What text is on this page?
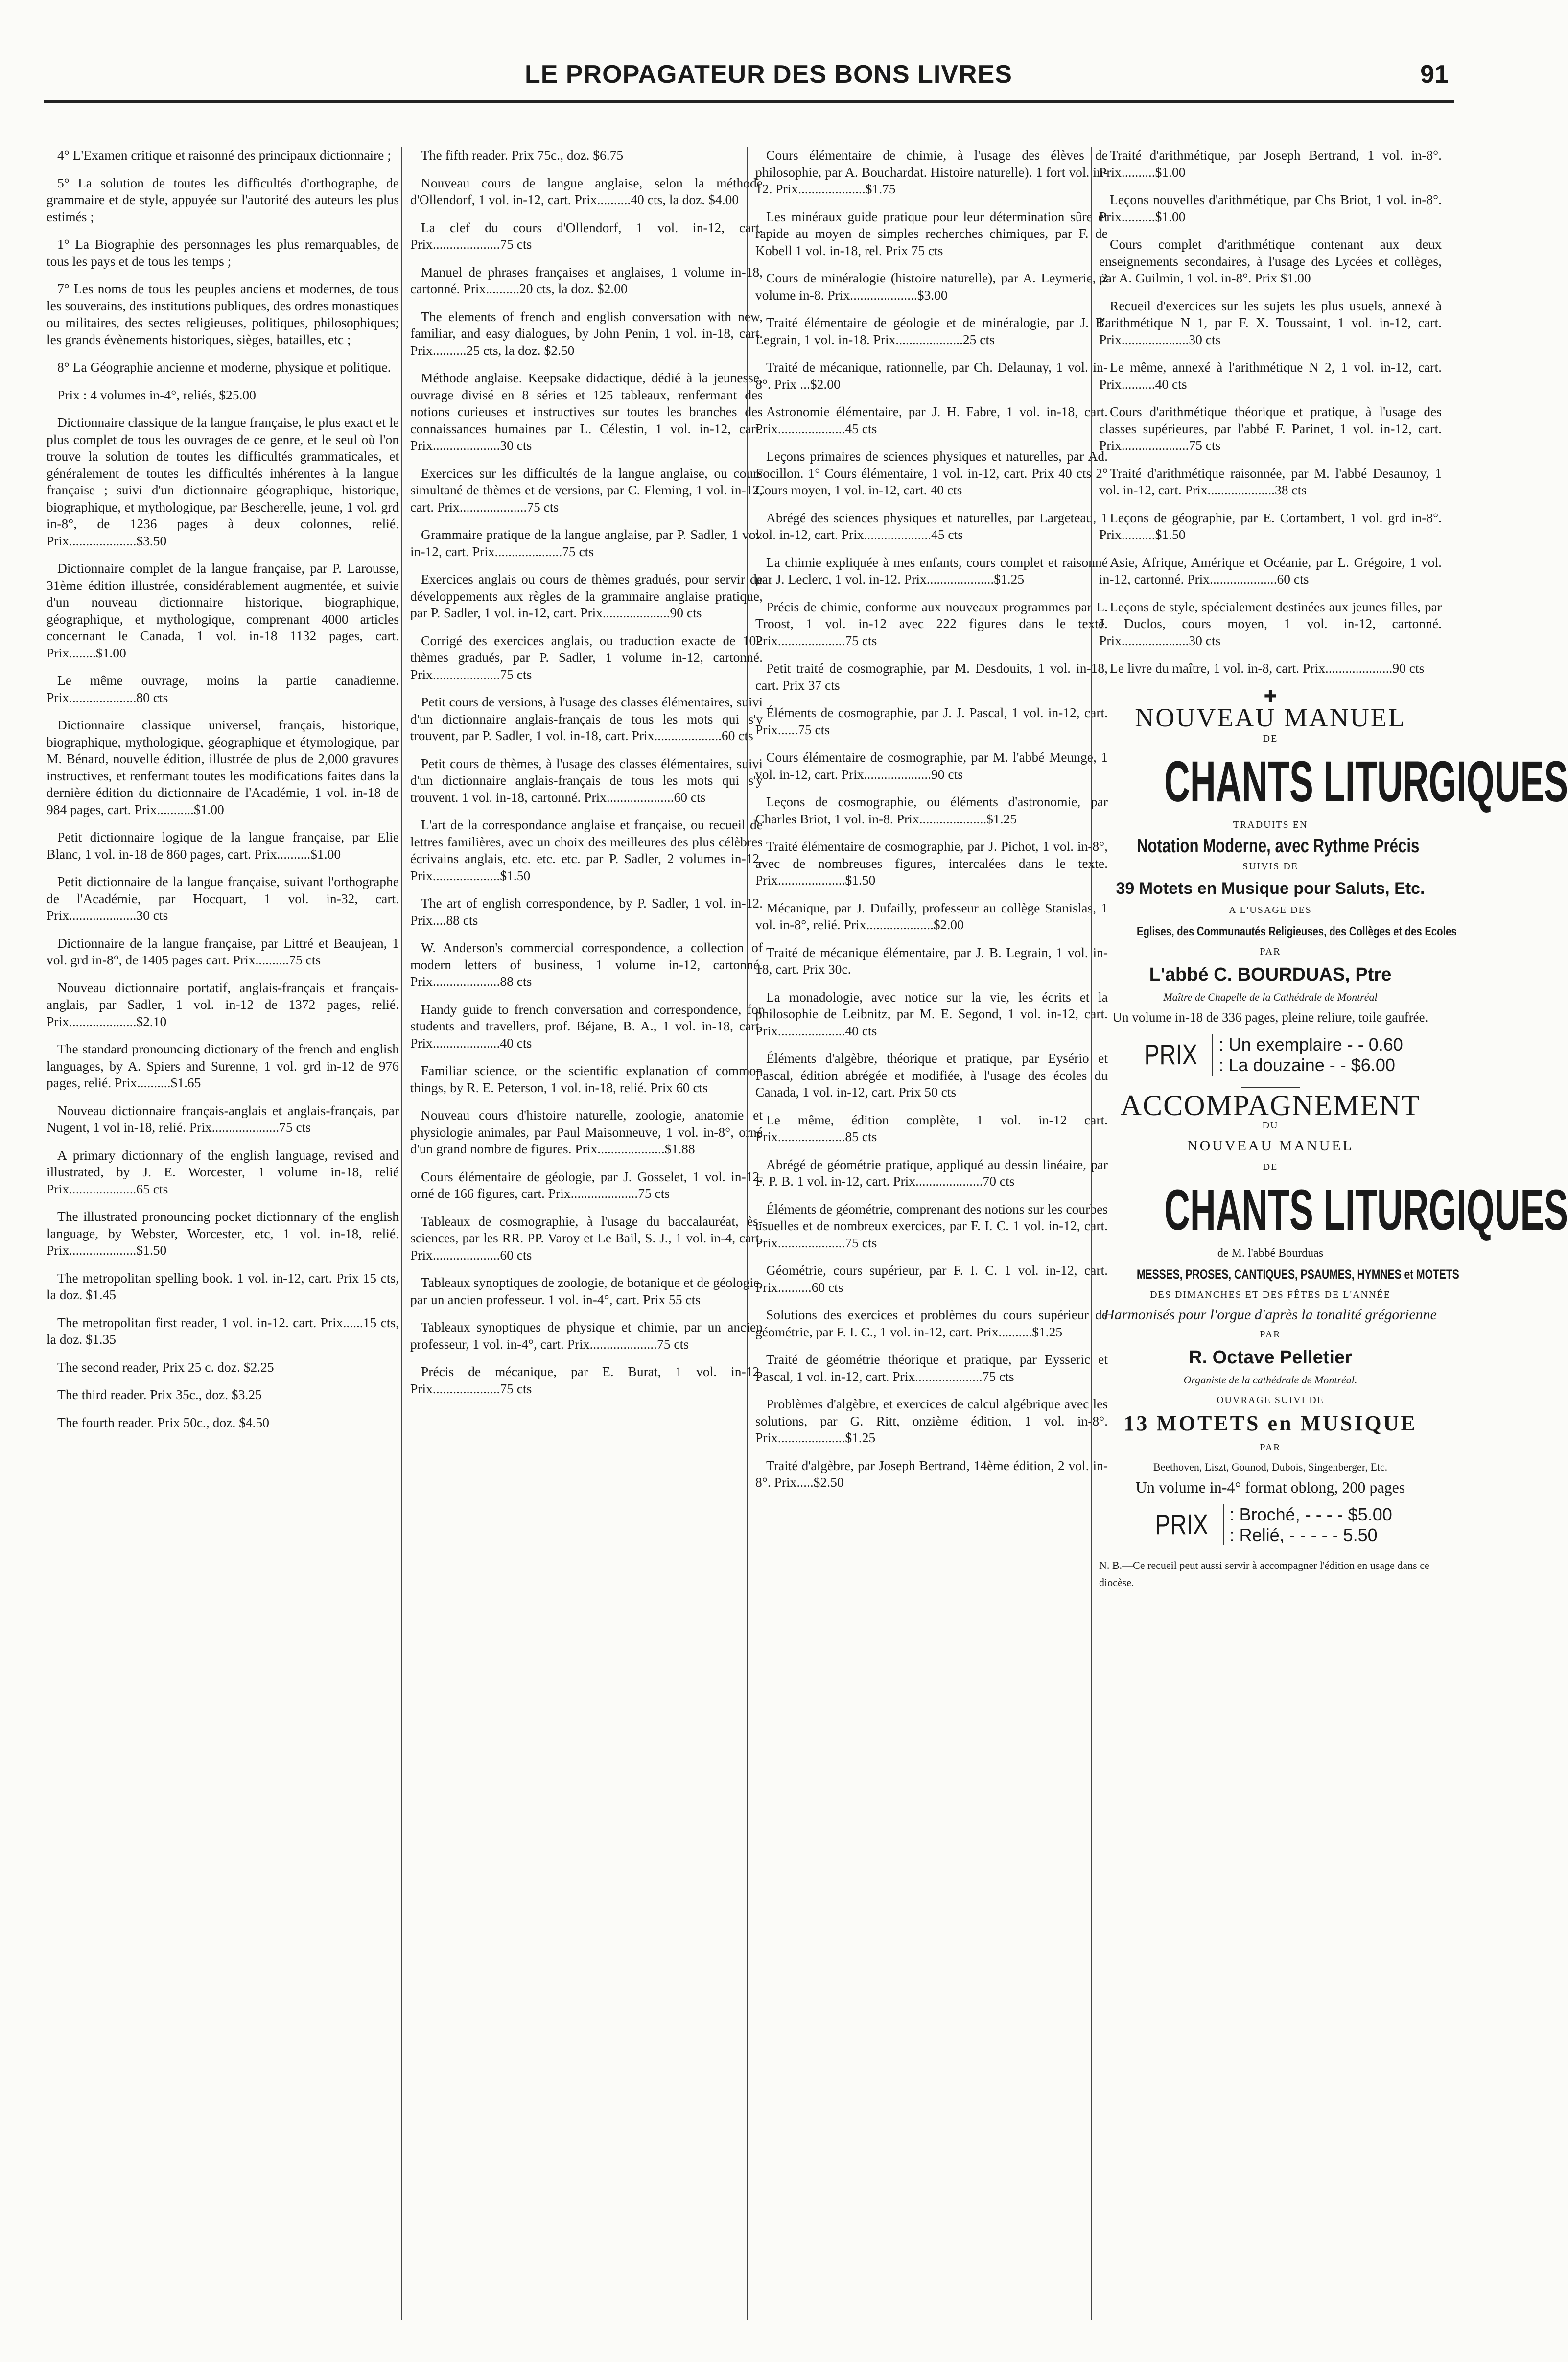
LE PROPAGATEUR DES BONS LIVRES	91

4° L'Examen critique et raisonné des principaux dictionnaire ;

5° La solution de toutes les difficultés d'orthographe, de grammaire et de style, appuyée sur l'autorité des auteurs les plus estimés ;

1° La Biographie des personnages les plus remarquables, de tous les pays et de tous les temps ;

7° Les noms de tous les peuples anciens et modernes, de tous les souverains, des institutions publiques, des ordres monastiques ou militaires, des sectes religieuses, politiques, philosophiques; les grands évènements historiques, sièges, batailles, etc ;

8° La Géographie ancienne et moderne, physique et politique.

Prix : 4 volumes in-4°, reliés, $25.00

Dictionnaire classique de la langue française, le plus exact et le plus complet de tous les ouvrages de ce genre, et le seul où l'on trouve la solution de toutes les difficultés grammaticales, et généralement de toutes les difficultés inhérentes à la langue française ; suivi d'un dictionnaire géographique, historique, biographique, et mythologique, par Bescherelle, jeune, 1 vol. grd in-8°, de 1236 pages à deux colonnes, relié. Prix....................$3.50

Dictionnaire complet de la langue française, par P. Larousse, 31ème édition illustrée, considérablement augmentée, et suivie d'un nouveau dictionnaire historique, biographique, géographique, et mythologique, comprenant 4000 articles concernant le Canada, 1 vol. in-18 1132 pages, cart. Prix........$1.00

Le même ouvrage, moins la partie canadienne. Prix....................80 cts

Dictionnaire classique universel, français, historique, biographique, mythologique, géographique et étymologique, par M. Bénard, nouvelle édition, illustrée de plus de 2,000 gravures instructives, et renfermant toutes les modifications faites dans la dernière édition du dictionnaire de l'Académie, 1 vol. in-18 de 984 pages, cart. Prix...........$1.00

Petit dictionnaire logique de la langue française, par Elie Blanc, 1 vol. in-18 de 860 pages, cart. Prix..........$1.00

Petit dictionnaire de la langue française, suivant l'orthographe de l'Académie, par Hocquart, 1 vol. in-32, cart. Prix....................30 cts

Dictionnaire de la langue française, par Littré et Beaujean, 1 vol. grd in-8°, de 1405 pages cart. Prix..........75 cts

Nouveau dictionnaire portatif, anglais-français et français-anglais, par Sadler, 1 vol. in-12 de 1372 pages, relié. Prix....................$2.10

The standard pronouncing dictionary of the french and english languages, by A. Spiers and Surenne, 1 vol. grd in-12 de 976 pages, relié. Prix..........$1.65

Nouveau dictionnaire français-anglais et anglais-français, par Nugent, 1 vol in-18, relié. Prix....................75 cts

A primary dictionnary of the english language, revised and illustrated, by J. E. Worcester, 1 volume in-18, relié Prix....................65 cts

The illustrated pronouncing pocket dictionnary of the english language, by Webster, Worcester, etc, 1 vol. in-18, relié. Prix....................$1.50

The metropolitan spelling book. 1 vol. in-12, cart. Prix 15 cts, la doz. $1.45

The metropolitan first reader, 1 vol. in-12. cart. Prix......15 cts, la doz. $1.35

The second reader, Prix 25 c. doz. $2.25

The third reader. Prix 35c., doz. $3.25

The fourth reader. Prix 50c., doz. $4.50

The fifth reader. Prix 75c., doz. $6.75

Nouveau cours de langue anglaise, selon la méthode d'Ollendorf, 1 vol. in-12, cart. Prix..........40 cts, la doz. $4.00

La clef du cours d'Ollendorf, 1 vol. in-12, cart. Prix....................75 cts

Manuel de phrases françaises et anglaises, 1 volume in-18, cartonné. Prix..........20 cts, la doz. $2.00

The elements of french and english conversation with new, familiar, and easy dialogues, by John Penin, 1 vol. in-18, cart. Prix..........25 cts, la doz. $2.50

Méthode anglaise. Keepsake didactique, dédié à la jeunesse, ouvrage divisé en 8 séries et 125 tableaux, renfermant des notions curieuses et instructives sur toutes les branches des connaissances humaines par L. Célestin, 1 vol. in-12, cart. Prix....................30 cts

Exercices sur les difficultés de la langue anglaise, ou cours simultané de thèmes et de versions, par C. Fleming, 1 vol. in-12, cart. Prix....................75 cts

Grammaire pratique de la langue anglaise, par P. Sadler, 1 vol. in-12, cart. Prix....................75 cts

Exercices anglais ou cours de thèmes gradués, pour servir de développements aux règles de la grammaire anglaise pratique, par P. Sadler, 1 vol. in-12, cart. Prix....................90 cts

Corrigé des exercices anglais, ou traduction exacte de 102 thèmes gradués, par P. Sadler, 1 volume in-12, cartonné. Prix....................75 cts

Petit cours de versions, à l'usage des classes élémentaires, suivi d'un dictionnaire anglais-français de tous les mots qui s'y trouvent, par P. Sadler, 1 vol. in-18, cart. Prix....................60 cts

Petit cours de thèmes, à l'usage des classes élémentaires, suivi d'un dictionnaire anglais-français de tous les mots qui s'y trouvent. 1 vol. in-18, cartonné. Prix....................60 cts

L'art de la correspondance anglaise et française, ou recueil de lettres familières, avec un choix des meilleures des plus célèbres écrivains anglais, etc. etc. etc. par P. Sadler, 2 volumes in-12. Prix....................$1.50

The art of english correspondence, by P. Sadler, 1 vol. in-12. Prix....88 cts

W. Anderson's commercial correspondence, a collection of modern letters of business, 1 volume in-12, cartonné. Prix....................88 cts

Handy guide to french conversation and correspondence, for students and travellers, prof. Béjane, B. A., 1 vol. in-18, cart. Prix....................40 cts

Familiar science, or the scientific explanation of common things, by R. E. Peterson, 1 vol. in-18, relié. Prix 60 cts

Nouveau cours d'histoire naturelle, zoologie, anatomie et physiologie animales, par Paul Maisonneuve, 1 vol. in-8°, orné d'un grand nombre de figures. Prix....................$1.88

Cours élémentaire de géologie, par J. Gosselet, 1 vol. in-12, orné de 166 figures, cart. Prix....................75 cts

Tableaux de cosmographie, à l'usage du baccalauréat, ès-sciences, par les RR. PP. Varoy et Le Bail, S. J., 1 vol. in-4, cart. Prix....................60 cts

Tableaux synoptiques de zoologie, de botanique et de géologie, par un ancien professeur. 1 vol. in-4°, cart. Prix 55 cts

Tableaux synoptiques de physique et chimie, par un ancien professeur, 1 vol. in-4°, cart. Prix....................75 cts

Précis de mécanique, par E. Burat, 1 vol. in-12. Prix....................75 cts

Cours élémentaire de chimie, à l'usage des élèves de philosophie, par A. Bouchardat. Histoire naturelle). 1 fort vol. in-12. Prix....................$1.75

Les minéraux guide pratique pour leur détermination sûre et rapide au moyen de simples recherches chimiques, par F. de Kobell 1 vol. in-18, rel. Prix 75 cts

Cours de minéralogie (histoire naturelle), par A. Leymerie, 2 volume in-8. Prix....................$3.00

Traité élémentaire de géologie et de minéralogie, par J. B. Legrain, 1 vol. in-18. Prix....................25 cts

Traité de mécanique, rationnelle, par Ch. Delaunay, 1 vol. in-8°. Prix ...$2.00

Astronomie élémentaire, par J. H. Fabre, 1 vol. in-18, cart. Prix....................45 cts

Leçons primaires de sciences physiques et naturelles, par Ad. Focillon. 1° Cours élémentaire, 1 vol. in-12, cart. Prix 40 cts 2° Cours moyen, 1 vol. in-12, cart. 40 cts

Abrégé des sciences physiques et naturelles, par Largeteau, 1 vol. in-12, cart. Prix....................45 cts

La chimie expliquée à mes enfants, cours complet et raisonné par J. Leclerc, 1 vol. in-12. Prix....................$1.25

Précis de chimie, conforme aux nouveaux programmes par L. Troost, 1 vol. in-12 avec 222 figures dans le texte. Prix....................75 cts

Petit traité de cosmographie, par M. Desdouits, 1 vol. in-18, cart. Prix 37 cts

Éléments de cosmographie, par J. J. Pascal, 1 vol. in-12, cart. Prix......75 cts

Cours élémentaire de cosmographie, par M. l'abbé Meunge, 1 vol. in-12, cart. Prix....................90 cts

Leçons de cosmographie, ou éléments d'astronomie, par Charles Briot, 1 vol. in-8. Prix....................$1.25

Traité élémentaire de cosmographie, par J. Pichot, 1 vol. in-8°, avec de nombreuses figures, intercalées dans le texte. Prix....................$1.50

Mécanique, par J. Dufailly, professeur au collège Stanislas, 1 vol. in-8°, relié. Prix....................$2.00

Traité de mécanique élémentaire, par J. B. Legrain, 1 vol. in-18, cart. Prix 30c.

La monadologie, avec notice sur la vie, les écrits et la philosophie de Leibnitz, par M. E. Segond, 1 vol. in-12, cart. Prix....................40 cts

Éléments d'algèbre, théorique et pratique, par Eysério et Pascal, édition abrégée et modifiée, à l'usage des écoles du Canada, 1 vol. in-12, cart. Prix 50 cts

Le même, édition complète, 1 vol. in-12 cart. Prix....................85 cts

Abrégé de géométrie pratique, appliqué au dessin linéaire, par F. P. B. 1 vol. in-12, cart. Prix....................70 cts

Éléments de géométrie, comprenant des notions sur les courbes usuelles et de nombreux exercices, par F. I. C. 1 vol. in-12, cart. Prix....................75 cts

Géométrie, cours supérieur, par F. I. C. 1 vol. in-12, cart. Prix..........60 cts

Solutions des exercices et problèmes du cours supérieur de géométrie, par F. I. C., 1 vol. in-12, cart. Prix..........$1.25

Traité de géométrie théorique et pratique, par Eysseric et Pascal, 1 vol. in-12, cart. Prix....................75 cts

Problèmes d'algèbre, et exercices de calcul algébrique avec les solutions, par G. Ritt, onzième édition, 1 vol. in-8°. Prix....................$1.25

Traité d'algèbre, par Joseph Bertrand, 14ème édition, 2 vol. in-8°. Prix.....$2.50

Traité d'arithmétique, par Joseph Bertrand, 1 vol. in-8°. Prix..........$1.00

Leçons nouvelles d'arithmétique, par Chs Briot, 1 vol. in-8°. Prix..........$1.00

Cours complet d'arithmétique contenant aux deux enseignements secondaires, à l'usage des Lycées et collèges, par A. Guilmin, 1 vol. in-8°. Prix $1.00

Recueil d'exercices sur les sujets les plus usuels, annexé à l'arithmétique N 1, par F. X. Toussaint, 1 vol. in-12, cart. Prix....................30 cts

Le même, annexé à l'arithmétique N 2, 1 vol. in-12, cart. Prix..........40 cts

Cours d'arithmétique théorique et pratique, à l'usage des classes supérieures, par l'abbé F. Parinet, 1 vol. in-12, cart. Prix....................75 cts

Traité d'arithmétique raisonnée, par M. l'abbé Desaunoy, 1 vol. in-12, cart. Prix....................38 cts

Leçons de géographie, par E. Cortambert, 1 vol. grd in-8°. Prix..........$1.50

Asie, Afrique, Amérique et Océanie, par L. Grégoire, 1 vol. in-12, cartonné. Prix....................60 cts

Leçons de style, spécialement destinées aux jeunes filles, par J. Duclos, cours moyen, 1 vol. in-12, cartonné. Prix....................30 cts

Le livre du maître, 1 vol. in-8, cart. Prix....................90 cts

✚
NOUVEAU MANUEL
DE
CHANTS LITURGIQUES
TRADUITS EN
Notation Moderne, avec Rythme Précis
SUIVIS DE
39 Motets en Musique pour Saluts, Etc.
A L'USAGE DES
Eglises, des Communautés Religieuses, des Collèges et des Ecoles
PAR
L'abbé C. BOURDUAS, Ptre
Maître de Chapelle de la Cathédrale de Montréal
Un volume in-18 de 336 pages, pleine reliure, toile gaufrée.
PRIX : Un exemplaire - - 0.60
: La douzaine - - $6.00
ACCOMPAGNEMENT
DU
NOUVEAU MANUEL
DE
CHANTS LITURGIQUES
de M. l'abbé Bourduas
MESSES, PROSES, CANTIQUES, PSAUMES, HYMNES et MOTETS
DES DIMANCHES ET DES FÊTES DE L'ANNÉE
Harmonisés pour l'orgue d'après la tonalité grégorienne
PAR
R. Octave Pelletier
Organiste de la cathédrale de Montréal.
OUVRAGE SUIVI DE
13 MOTETS en MUSIQUE
PAR
Beethoven, Liszt, Gounod, Dubois, Singenberger, Etc.
Un volume in-4° format oblong, 200 pages
PRIX : Broché, - - - - $5.00
: Relié, - - - - - 5.50
N. B.—Ce recueil peut aussi servir à accompagner l'édition en usage dans ce diocèse.
